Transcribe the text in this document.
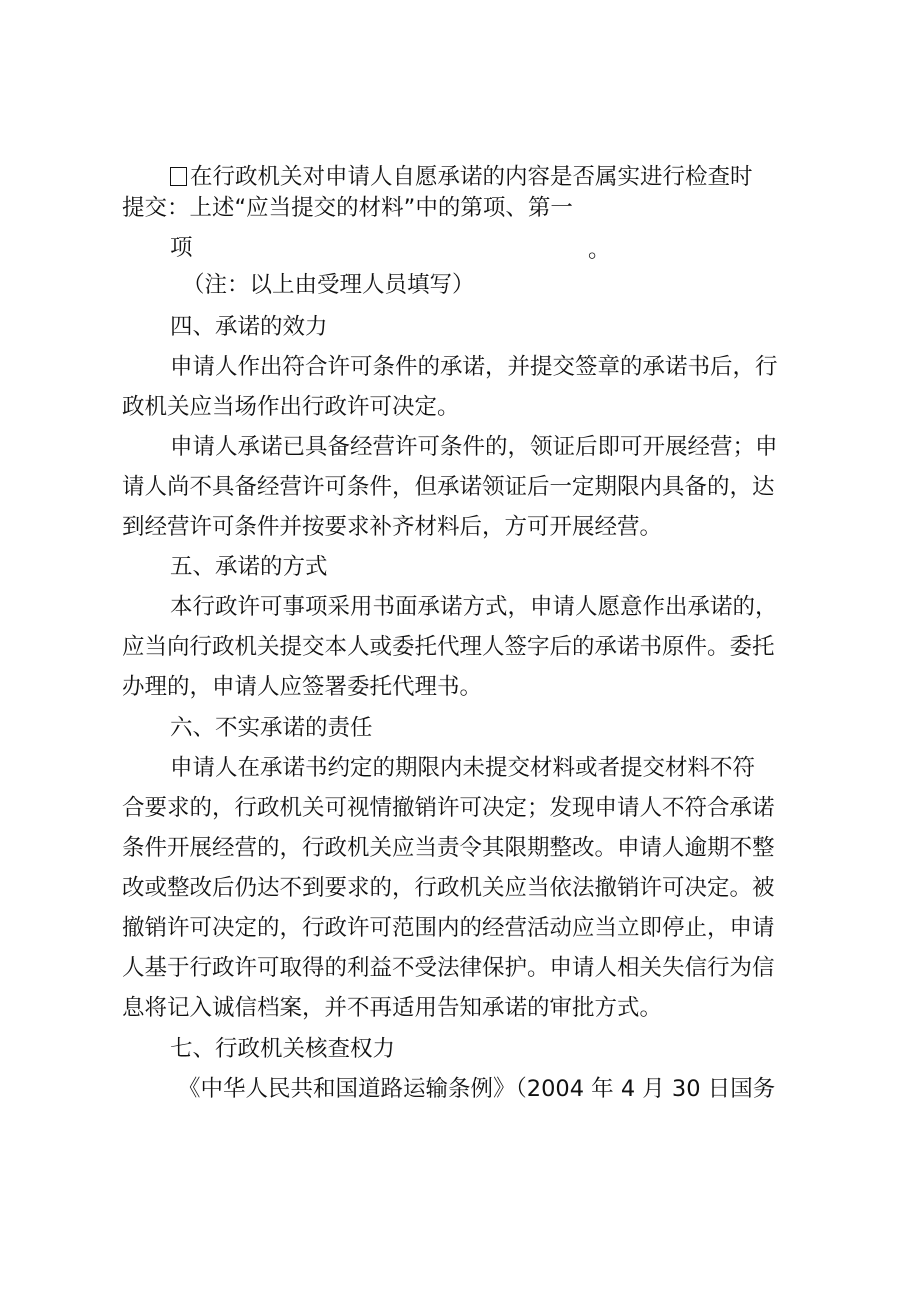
在行政机关对申请人自愿承诺的内容是否属实进行检查时
提交：上述“应当提交的材料”中的第项、第一
项	。
（注：以上由受理人员填写）
四、承诺的效力
申请人作出符合许可条件的承诺，并提交签章的承诺书后，行
政机关应当场作出行政许可决定。
申请人承诺已具备经营许可条件的，领证后即可开展经营；申
请人尚不具备经营许可条件，但承诺领证后一定期限内具备的，达
到经营许可条件并按要求补齐材料后，方可开展经营。
五、承诺的方式
本行政许可事项采用书面承诺方式，申请人愿意作出承诺的，
应当向行政机关提交本人或委托代理人签字后的承诺书原件。委托
办理的，申请人应签署委托代理书。
六、不实承诺的责任
申请人在承诺书约定的期限内未提交材料或者提交材料不符
合要求的，行政机关可视情撤销许可决定；发现申请人不符合承诺
条件开展经营的，行政机关应当责令其限期整改。申请人逾期不整
改或整改后仍达不到要求的，行政机关应当依法撤销许可决定。被
撤销许可决定的，行政许可范围内的经营活动应当立即停止，申请
人基于行政许可取得的利益不受法律保护。申请人相关失信行为信
息将记入诚信档案，并不再适用告知承诺的审批方式。
七、行政机关核查权力
《中华人民共和国道路运输条例》（2004 年 4 月 30 日国务
